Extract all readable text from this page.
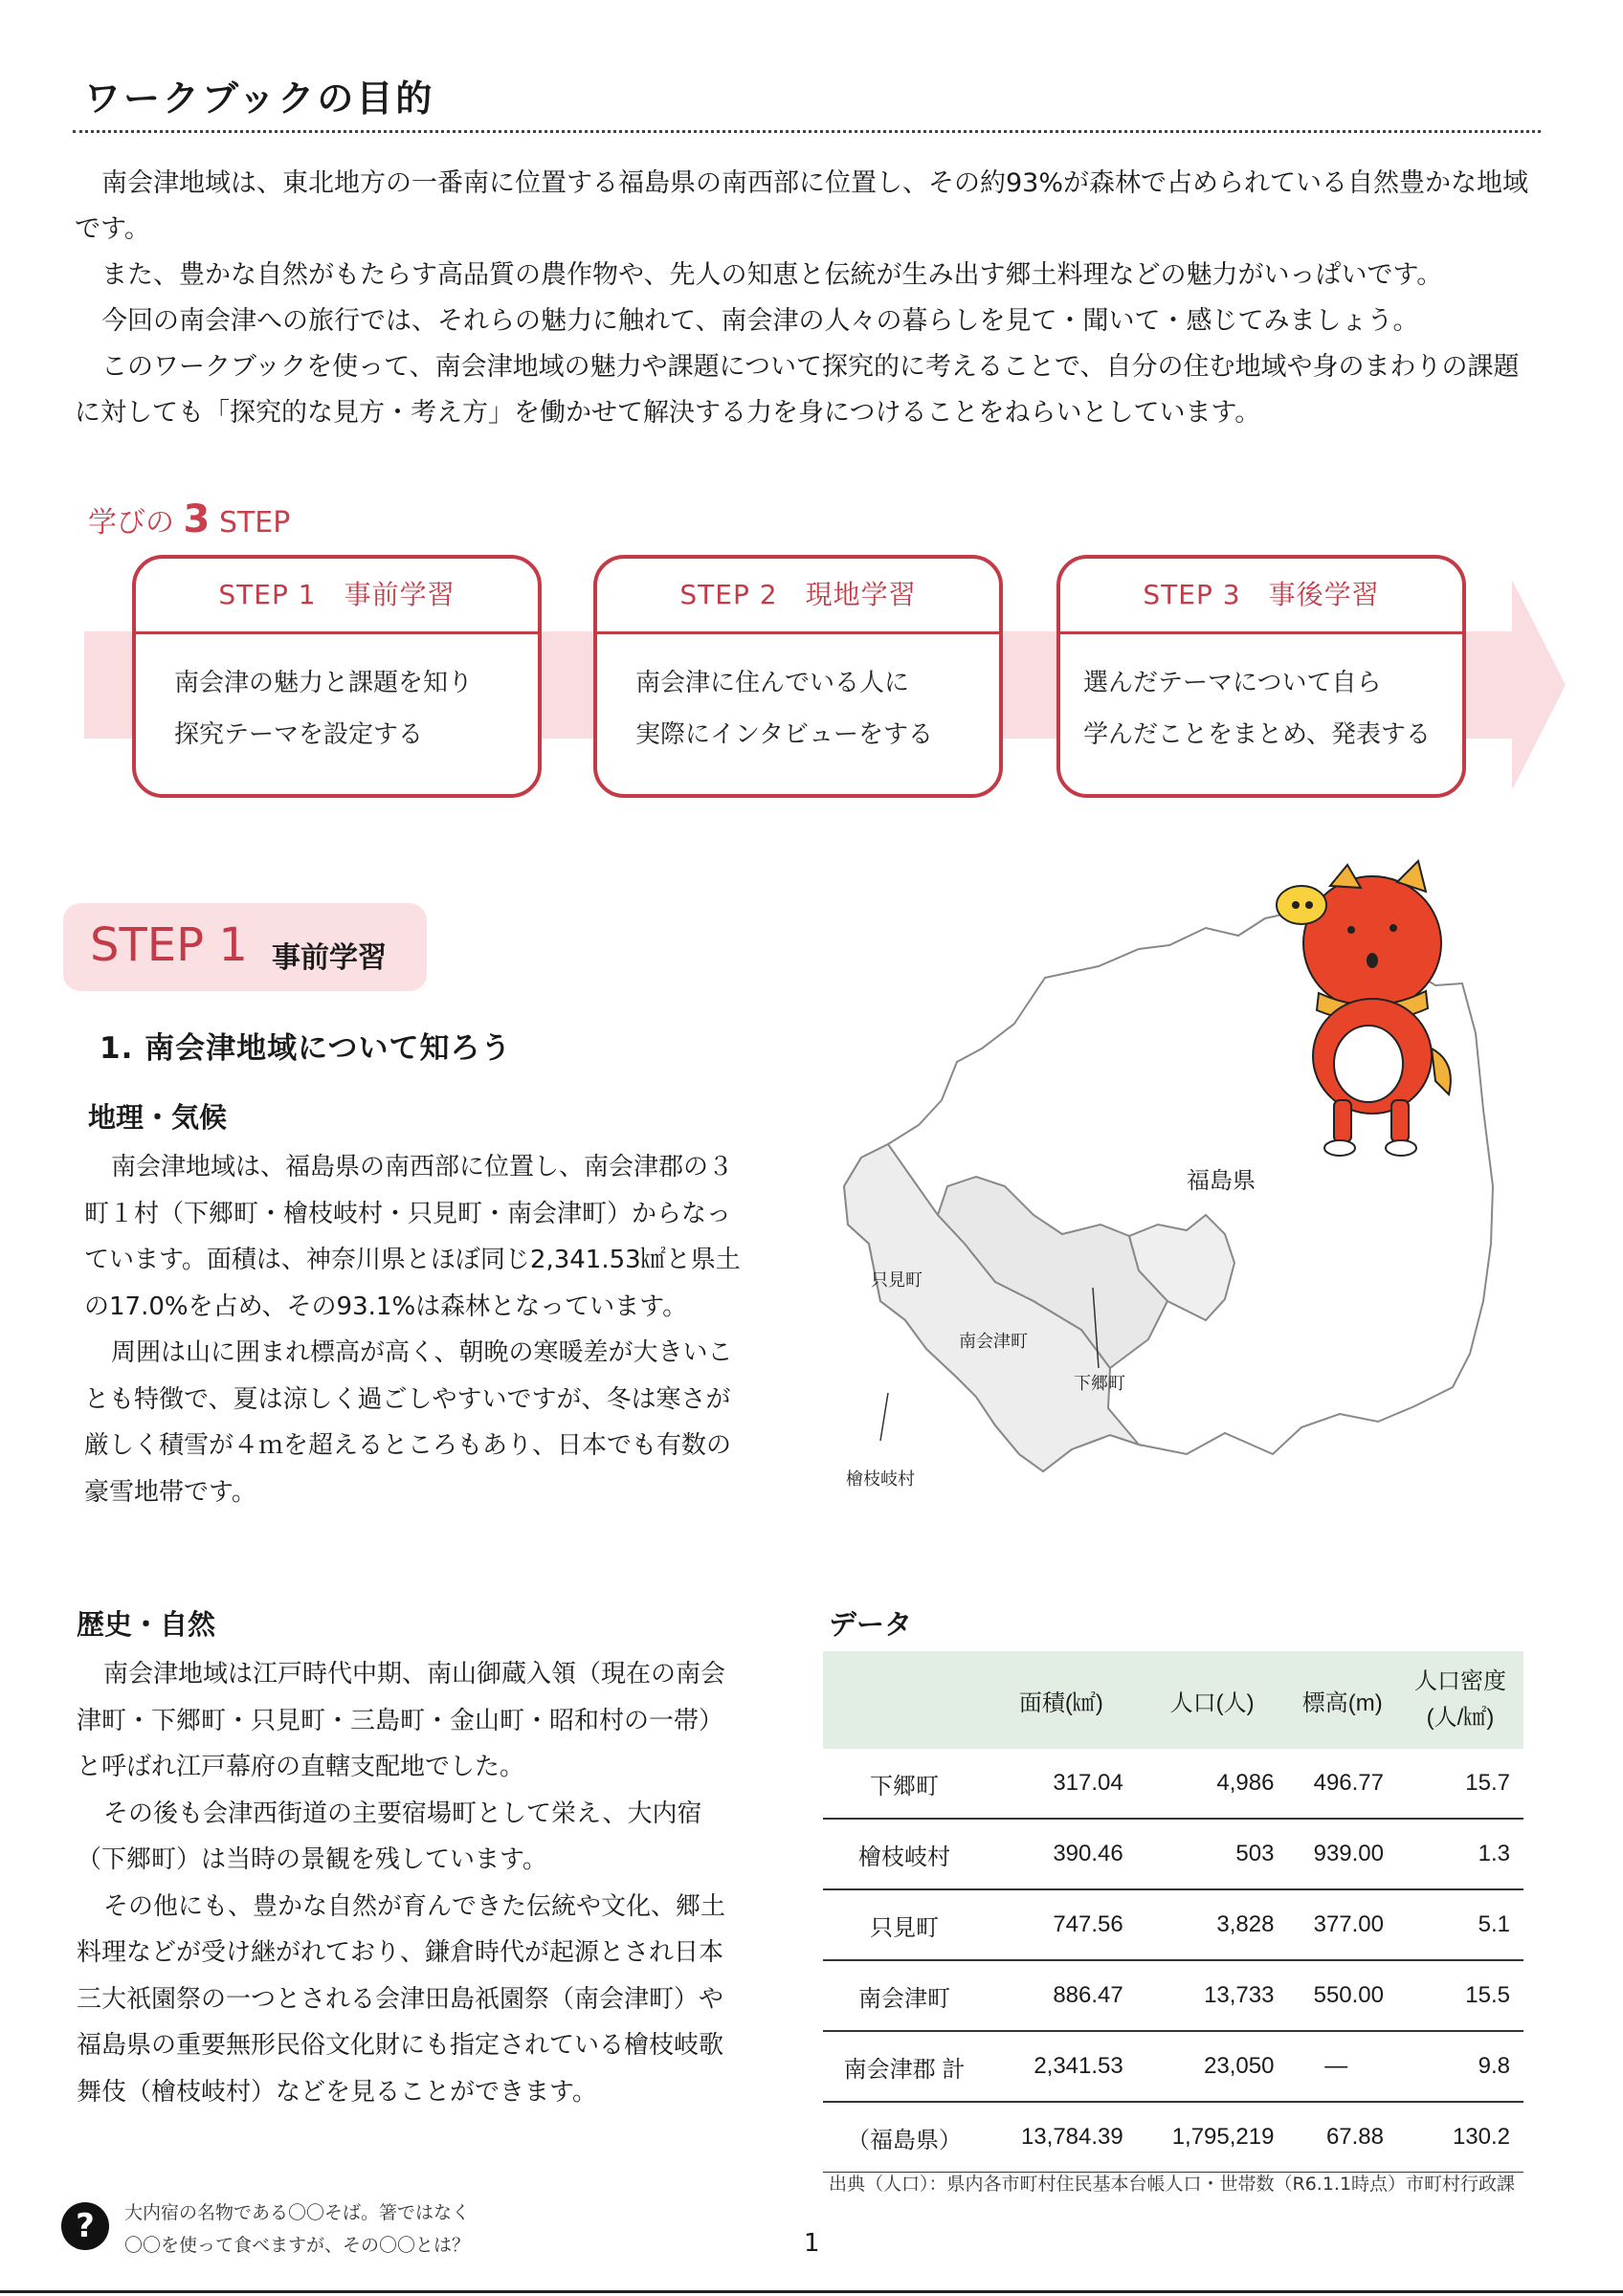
ワークブックの目的

南会津地域は、東北地方の一番南に位置する福島県の南西部に位置し、その約93%が森林で占められている自然豊かな地域です。

また、豊かな自然がもたらす高品質の農作物や、先人の知恵と伝統が生み出す郷土料理などの魅力がいっぱいです。

今回の南会津への旅行では、それらの魅力に触れて、南会津の人々の暮らしを見て・聞いて・感じてみましょう。

このワークブックを使って、南会津地域の魅力や課題について探究的に考えることで、自分の住む地域や身のまわりの課題に対しても「探究的な見方・考え方」を働かせて解決する力を身につけることをねらいとしています。

学びの 3 STEP
STEP 1　事前学習
南会津の魅力と課題を知り
探究テーマを設定する
STEP 2　現地学習
南会津に住んでいる人に
実際にインタビューをする
STEP 3　事後学習
選んだテーマについて自ら
学んだことをまとめ、発表する
STEP 1 事前学習
1. 南会津地域について知ろう
地理・気候

南会津地域は、福島県の南西部に位置し、南会津郡の３町１村（下郷町・檜枝岐村・只見町・南会津町）からなっています。面積は、神奈川県とほぼ同じ2,341.53㎢と県土の17.0%を占め、その93.1%は森林となっています。

周囲は山に囲まれ標高が高く、朝晩の寒暖差が大きいことも特徴で、夏は涼しく過ごしやすいですが、冬は寒さが厳しく積雪が４ｍを超えるところもあり、日本でも有数の豪雪地帯です。

福島県
只見町
南会津町
下郷町
檜枝岐村
歴史・自然

南会津地域は江戸時代中期、南山御蔵入領（現在の南会津町・下郷町・只見町・三島町・金山町・昭和村の一帯）と呼ばれ江戸幕府の直轄支配地でした。

その後も会津西街道の主要宿場町として栄え、大内宿（下郷町）は当時の景観を残しています。

その他にも、豊かな自然が育んできた伝統や文化、郷土料理などが受け継がれており、鎌倉時代が起源とされ日本三大祇園祭の一つとされる会津田島祇園祭（南会津町）や福島県の重要無形民俗文化財にも指定されている檜枝岐歌舞伎（檜枝岐村）などを見ることができます。

データ
	面積(㎢)	人口(人)	標高(m)	人口密度 (人/㎢)
下郷町	317.04	4,986	496.77	15.7
檜枝岐村	390.46	503	939.00	1.3
只見町	747.56	3,828	377.00	5.1
南会津町	886.47	13,733	550.00	15.5
南会津郡 計	2,341.53	23,050	—	9.8
（福島県）	13,784.39	1,795,219	67.88	130.2
出典（人口）：県内各市町村住民基本台帳人口・世帯数（R6.1.1時点）市町村行政課
?	大内宿の名物である〇〇そば。箸ではなく
〇〇を使って食べますが、その〇〇とは？	1
